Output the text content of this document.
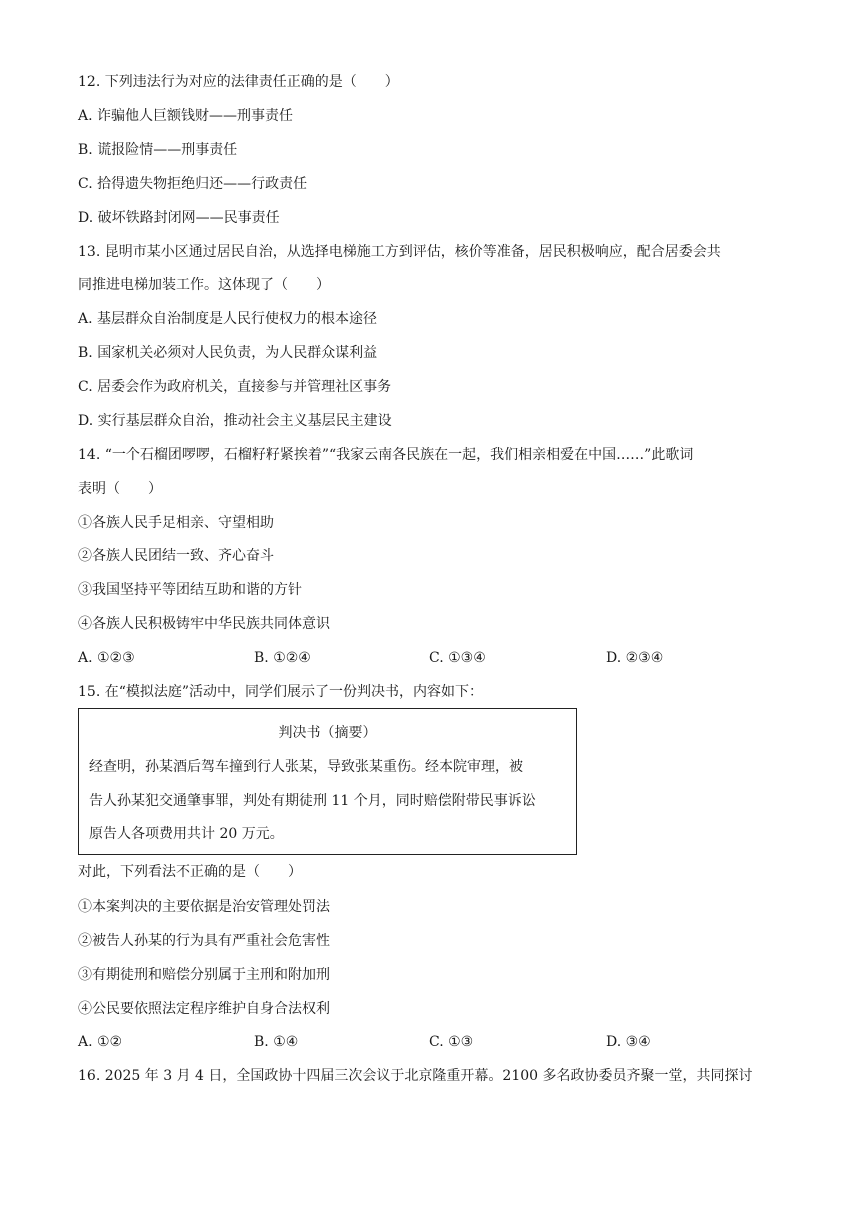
12. 下列违法行为对应的法律责任正确的是（　　）
A. 诈骗他人巨额钱财——刑事责任
B. 谎报险情——刑事责任
C. 拾得遗失物拒绝归还——行政责任
D. 破坏铁路封闭网——民事责任
13. 昆明市某小区通过居民自治，从选择电梯施工方到评估，核价等准备，居民积极响应，配合居委会共
同推进电梯加装工作。这体现了（　　）
A. 基层群众自治制度是人民行使权力的根本途径
B. 国家机关必须对人民负责，为人民群众谋利益
C. 居委会作为政府机关，直接参与并管理社区事务
D. 实行基层群众自治，推动社会主义基层民主建设
14. “一个石榴团啰啰，石榴籽籽紧挨着”“我家云南各民族在一起，我们相亲相爱在中国……”此歌词
表明（　　）
①各族人民手足相亲、守望相助
②各族人民团结一致、齐心奋斗
③我国坚持平等团结互助和谐的方针
④各族人民积极铸牢中华民族共同体意识
A. ①②③	B. ①②④	C. ①③④	D. ②③④
15. 在“模拟法庭”活动中，同学们展示了一份判决书，内容如下：
判决书（摘要）
经查明，孙某酒后驾车撞到行人张某，导致张某重伤。经本院审理，被
告人孙某犯交通肇事罪，判处有期徒刑 11 个月，同时赔偿附带民事诉讼
原告人各项费用共计 20 万元。
对此，下列看法不正确的是（　　）
①本案判决的主要依据是治安管理处罚法
②被告人孙某的行为具有严重社会危害性
③有期徒刑和赔偿分别属于主刑和附加刑
④公民要依照法定程序维护自身合法权利
A. ①②	B. ①④	C. ①③	D. ③④
16. 2025 年 3 月 4 日，全国政协十四届三次会议于北京隆重开幕。2100 多名政协委员齐聚一堂，共同探讨
